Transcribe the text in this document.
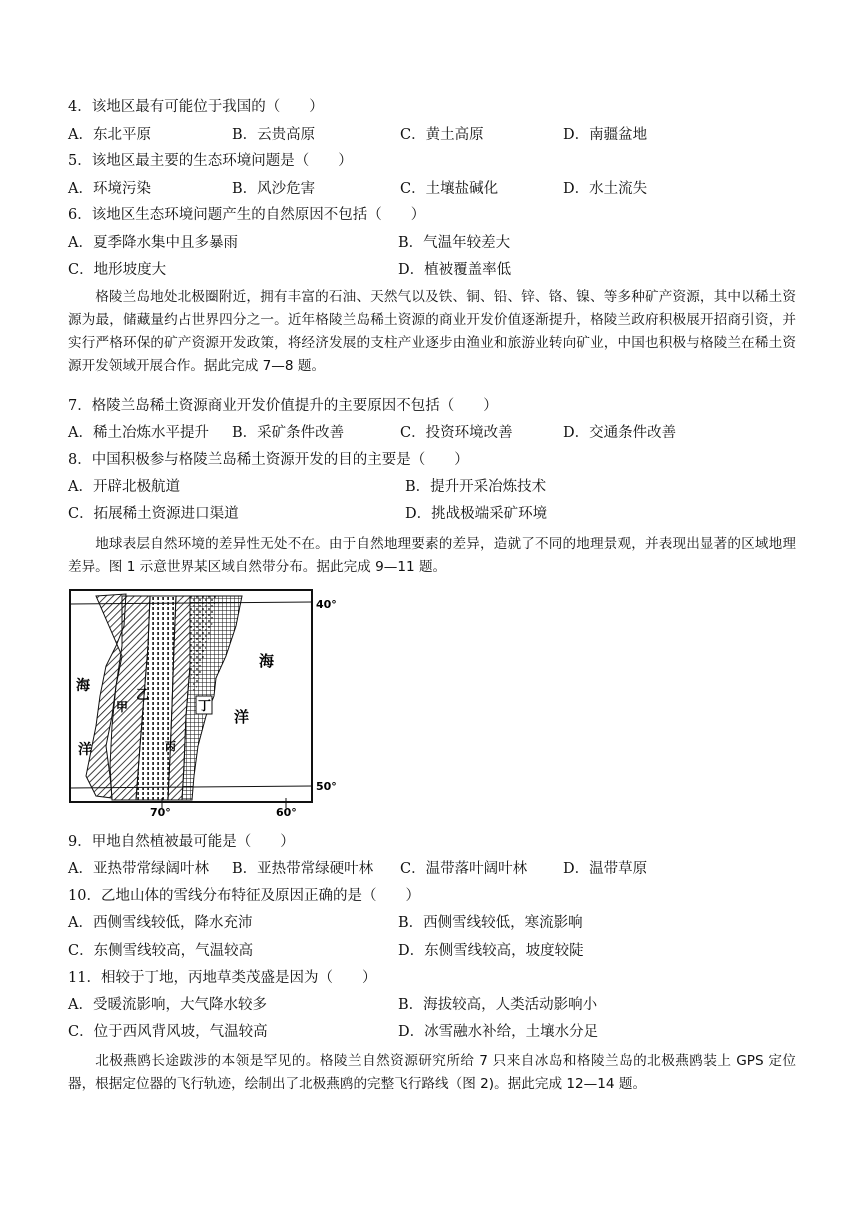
4．该地区最有可能位于我国的（　　）
A．东北平原	B．云贵高原	C．黄土高原	D．南疆盆地
5．该地区最主要的生态环境问题是（　　）
A．环境污染	B．风沙危害	C．土壤盐碱化	D．水土流失
6．该地区生态环境问题产生的自然原因不包括（　　）
A．夏季降水集中且多暴雨	B．气温年较差大
C．地形坡度大	D．植被覆盖率低
格陵兰岛地处北极圈附近，拥有丰富的石油、天然气以及铁、铜、铅、锌、铬、镍、等多种矿产资源，其中以稀土资源为最，储藏量约占世界四分之一。近年格陵兰岛稀土资源的商业开发价值逐渐提升，格陵兰政府积极展开招商引资，并实行严格环保的矿产资源开发政策，将经济发展的支柱产业逐步由渔业和旅游业转向矿业，中国也积极与格陵兰在稀土资源开发领域开展合作。据此完成 7—8 题。
7．格陵兰岛稀土资源商业开发价值提升的主要原因不包括（　　）
A．稀土冶炼水平提升 B．采矿条件改善	C．投资环境改善	D．交通条件改善
8．中国积极参与格陵兰岛稀土资源开发的目的主要是（　　）
A．开辟北极航道	B．提升开采冶炼技术
C．拓展稀土资源进口渠道	D．挑战极端采矿环境
地球表层自然环境的差异性无处不在。由于自然地理要素的差异，造就了不同的地理景观，并表现出显著的区域地理差异。图 1 示意世界某区域自然带分布。据此完成 9—11 题。
丁
甲
乙
丙
海
洋
海
洋
40°
50°
70°	60°
9．甲地自然植被最可能是（　　）
A．亚热带常绿阔叶林 B．亚热带常绿硬叶林 C．温带落叶阔叶林 D．温带草原
10．乙地山体的雪线分布特征及原因正确的是（　　）
A．西侧雪线较低，降水充沛	B．西侧雪线较低，寒流影响
C．东侧雪线较高，气温较高	D．东侧雪线较高，坡度较陡
11．相较于丁地，丙地草类茂盛是因为（　　）
A．受暖流影响，大气降水较多	B．海拔较高，人类活动影响小
C．位于西风背风坡，气温较高	D．冰雪融水补给，土壤水分足
北极燕鸥长途跋涉的本领是罕见的。格陵兰自然资源研究所给 7 只来自冰岛和格陵兰岛的北极燕鸥装上 GPS 定位器，根据定位器的飞行轨迹，绘制出了北极燕鸥的完整飞行路线（图 2)。据此完成 12—14 题。
